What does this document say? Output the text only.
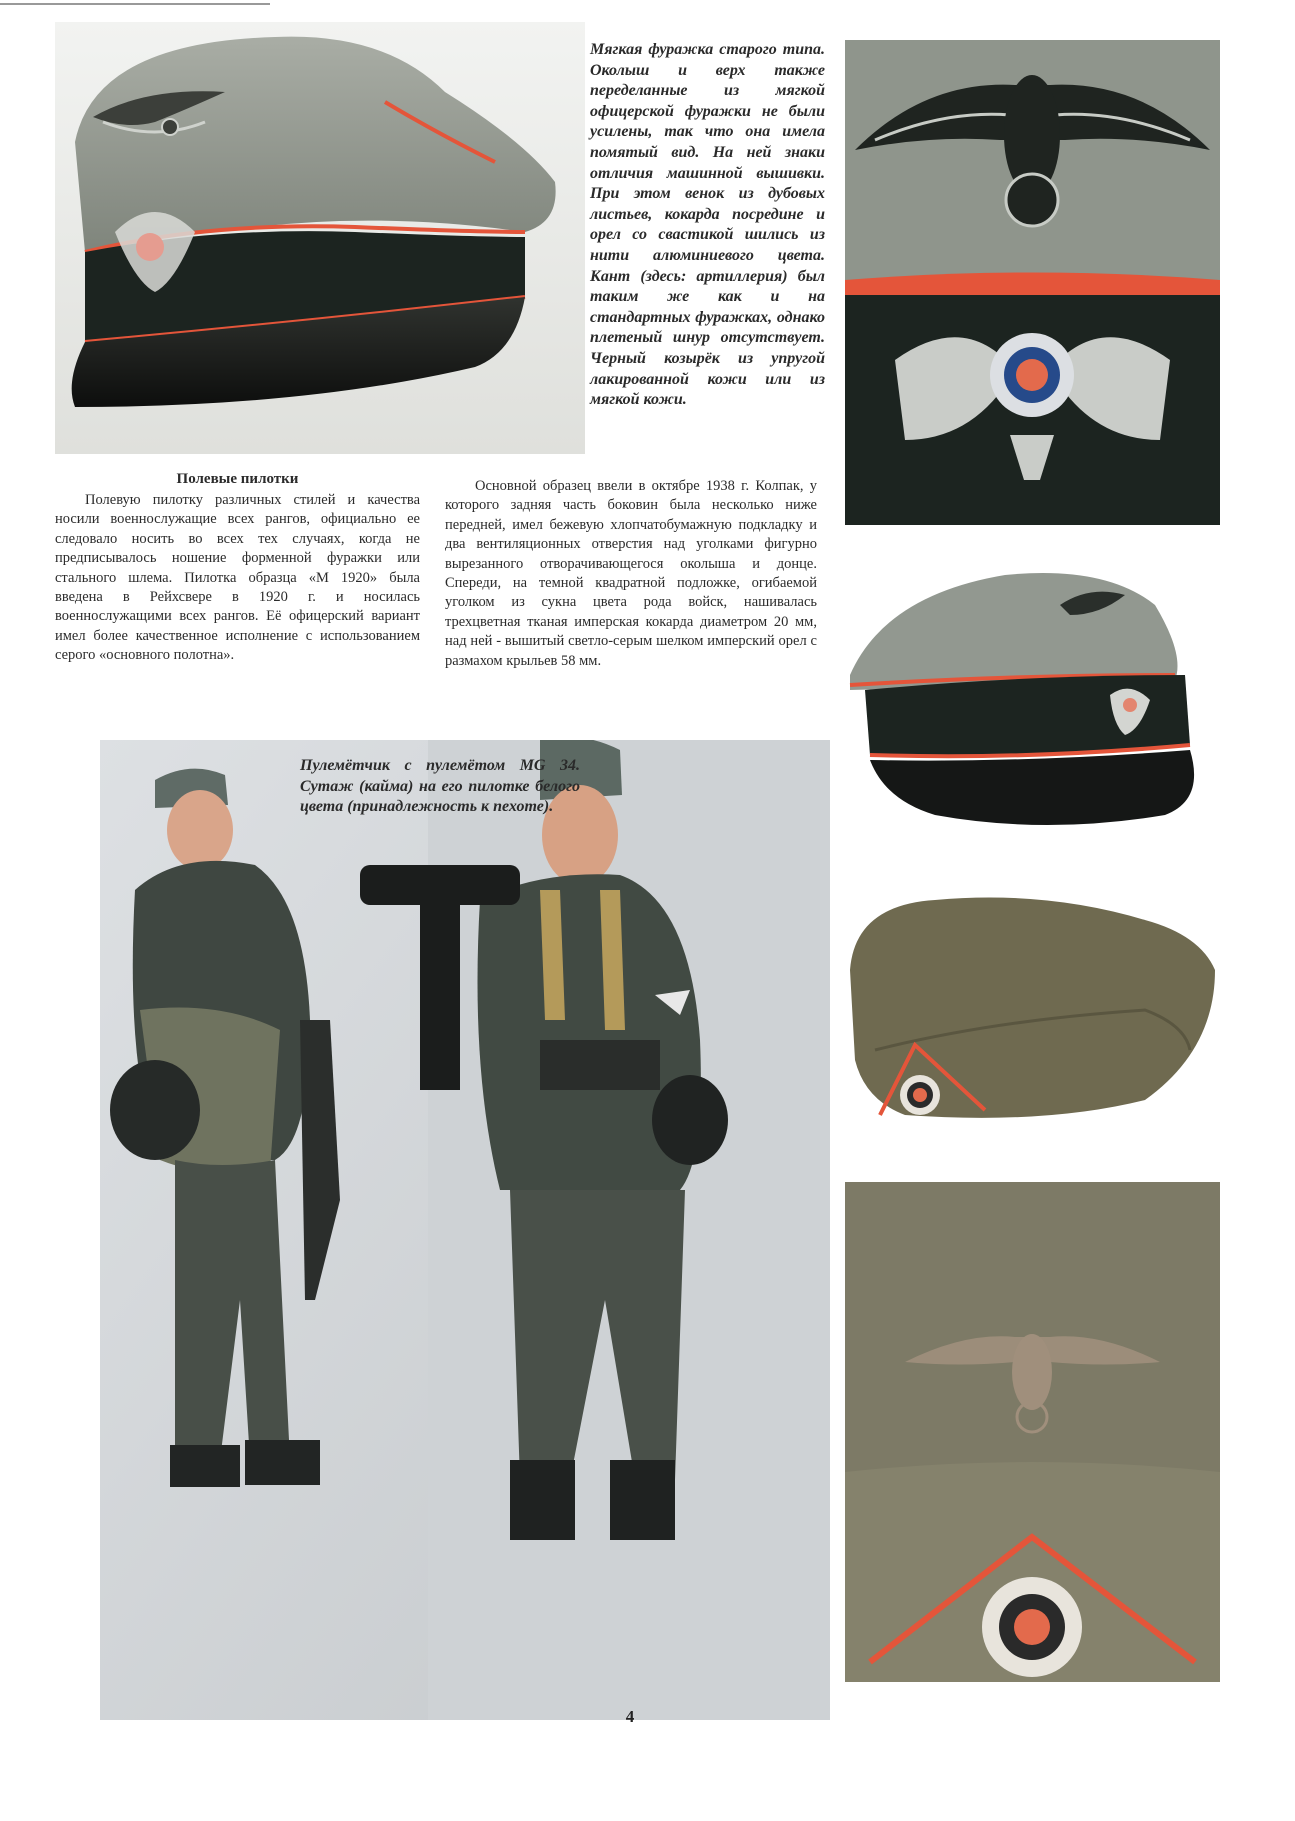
Мягкая фуражка старого типа. Околыш и верх также переделанные из мягкой офицерской фуражки не были усилены, так что она имела помятый вид. На ней знаки отличия машинной вышивки. При этом венок из дубовых листьев, кокарда посредине и орел со свастикой шились из нити алюминиевого цвета. Кант (здесь: артиллерия) был таким же как и на стандартных фуражках, однако плетеный шнур отсутствует. Черный козырёк из упругой лакированной кожи или из мягкой кожи.
Полевые пилотки

Полевую пилотку различных стилей и качества носили военнослужащие всех рангов, официально ее следовало носить во всех тех случаях, когда не предписывалось ношение форменной фуражки или стального шлема. Пилотка образца «М 1920» была введена в Рейхсвере в 1920 г. и носилась военнослужащими всех рангов. Её офицерский вариант имел более качественное исполнение с использованием серого «основного полотна».

Основной образец ввели в октябре 1938 г. Колпак, у которого задняя часть боковин была несколько ниже передней, имел бежевую хлопчатобумажную подкладку и два вентиляционных отверстия над уголками фигурно вырезанного отворачивающегося околыша и донце. Спереди, на темной квадратной подложке, огибаемой уголком из сукна цвета рода войск, нашивалась трехцветная тканая имперская кокарда диаметром 20 мм, над ней - вышитый светло-серым шелком имперский орел с размахом крыльев 58 мм.

Пулемётчик с пулемётом MG 34. Сутаж (кайма) на его пилотке белого цвета (принадлежность к пехоте).
4
